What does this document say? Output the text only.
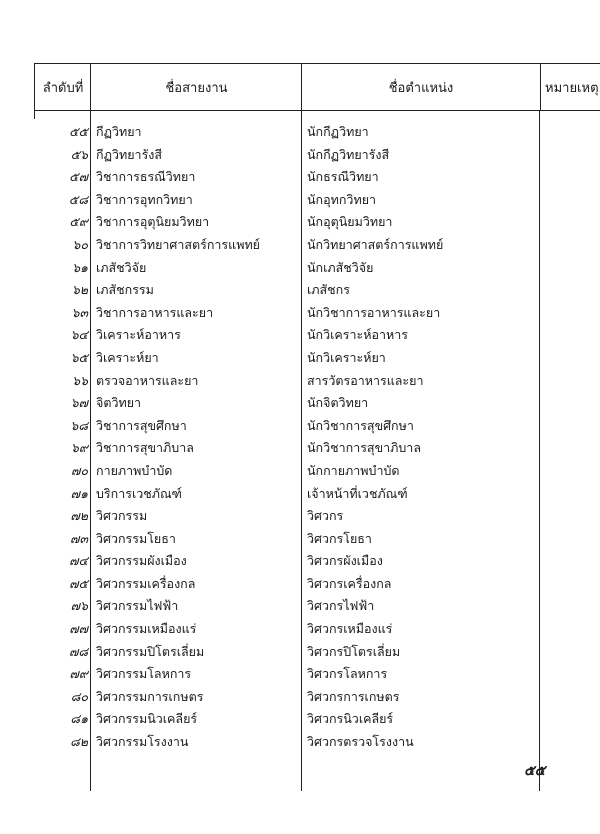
ลำดับที่	ชื่อสายงาน	ชื่อตำแหน่ง	หมายเหตุ
๕๕ กีฏวิทยา	นักกีฏวิทยา
๕๖ กีฏวิทยารังสี	นักกีฏวิทยารังสี
๕๗ วิชาการธรณีวิทยา	นักธรณีวิทยา
๕๘ วิชาการอุทกวิทยา	นักอุทกวิทยา
๕๙ วิชาการอุตุนิยมวิทยา	นักอุตุนิยมวิทยา
๖๐ วิชาการวิทยาศาสตร์การแพทย์	นักวิทยาศาสตร์การแพทย์
๖๑ เภสัชวิจัย	นักเภสัชวิจัย
๖๒ เภสัชกรรม	เภสัชกร
๖๓ วิชาการอาหารและยา	นักวิชาการอาหารและยา
๖๔ วิเคราะห์อาหาร	นักวิเคราะห์อาหาร
๖๕ วิเคราะห์ยา	นักวิเคราะห์ยา
๖๖ ตรวจอาหารและยา	สารวัตรอาหารและยา
๖๗ จิตวิทยา	นักจิตวิทยา
๖๘ วิชาการสุขศึกษา	นักวิชาการสุขศึกษา
๖๙ วิชาการสุขาภิบาล	นักวิชาการสุขาภิบาล
๗๐ กายภาพบำบัด	นักกายภาพบำบัด
๗๑ บริการเวชภัณฑ์	เจ้าหน้าที่เวชภัณฑ์
๗๒ วิศวกรรม	วิศวกร
๗๓ วิศวกรรมโยธา	วิศวกรโยธา
๗๔ วิศวกรรมผังเมือง	วิศวกรผังเมือง
๗๕ วิศวกรรมเครื่องกล	วิศวกรเครื่องกล
๗๖ วิศวกรรมไฟฟ้า	วิศวกรไฟฟ้า
๗๗ วิศวกรรมเหมืองแร่	วิศวกรเหมืองแร่
๗๘ วิศวกรรมปิโตรเลี่ยม	วิศวกรปิโตรเลี่ยม
๗๙ วิศวกรรมโลหการ	วิศวกรโลหการ
๘๐ วิศวกรรมการเกษตร	วิศวกรการเกษตร
๘๑ วิศวกรรมนิวเคลียร์	วิศวกรนิวเคลียร์
๘๒ วิศวกรรมโรงงาน	วิศวกรตรวจโรงงาน
๕๕
